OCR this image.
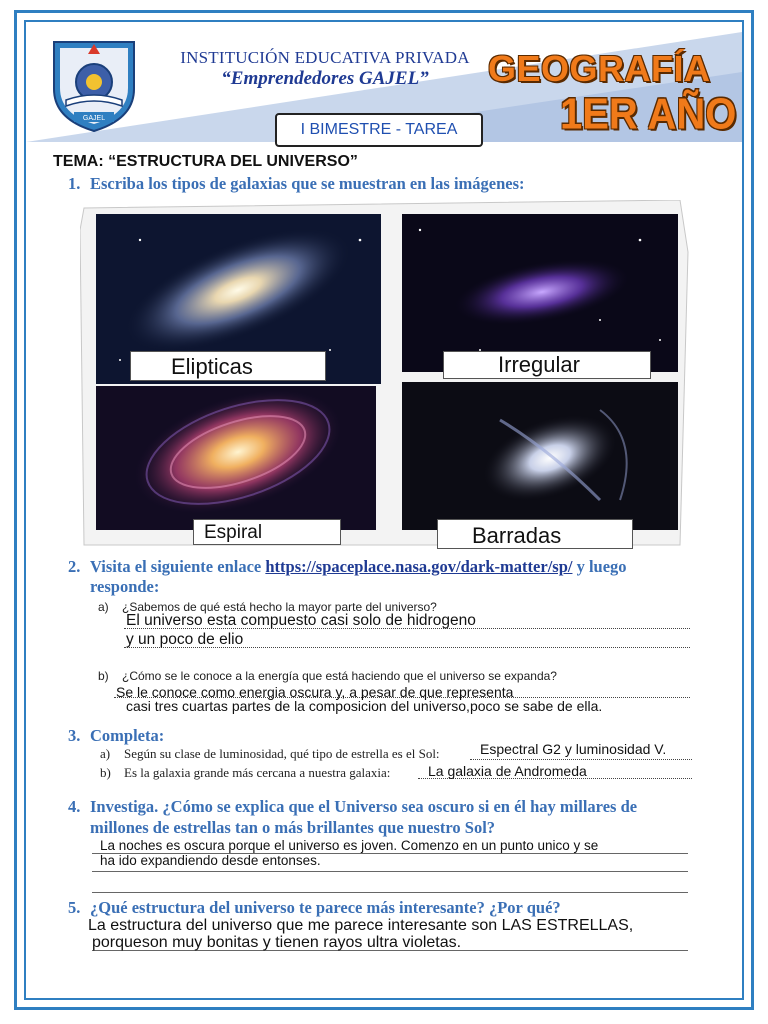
GAJEL
INSTITUCIÓN EDUCATIVA PRIVADA
“Emprendedores GAJEL”	GEOGRAFÍA
1ER AÑO
I BIMESTRE - TAREA
TEMA: “ESTRUCTURA DEL UNIVERSO”
1. Escriba los tipos de galaxias que se muestran en las imágenes:
Elipticas	Irregular
Espiral	Barradas
2. Visita el siguiente enlace https://spaceplace.nasa.gov/dark-matter/sp/ y luego
responde:
a) ¿Sabemos de qué está hecho la mayor parte del universo?
El universo esta compuesto casi solo de hidrogeno
y un poco de elio
b) ¿Cómo se le conoce a la energía que está haciendo que el universo se expanda?
Se le conoce como energia oscura y, a pesar de que representa
casi tres cuartas partes de la composicion del universo,poco se sabe de ella.
3. Completa:
a) Según su clase de luminosidad, qué tipo de estrella es el Sol:	Espectral G2 y luminosidad V.
b) Es la galaxia grande más cercana a nuestra galaxia:	La galaxia de Andromeda
4. Investiga. ¿Cómo se explica que el Universo sea oscuro si en él hay millares de
millones de estrellas tan o más brillantes que nuestro Sol?
La noches es oscura porque el universo es joven. Comenzo en un punto unico y se
ha ido expandiendo desde entonses.
5. ¿Qué estructura del universo te parece más interesante? ¿Por qué?
La estructura del universo que me parece interesante son LAS ESTRELLAS,
porqueson muy bonitas y tienen rayos ultra violetas.
